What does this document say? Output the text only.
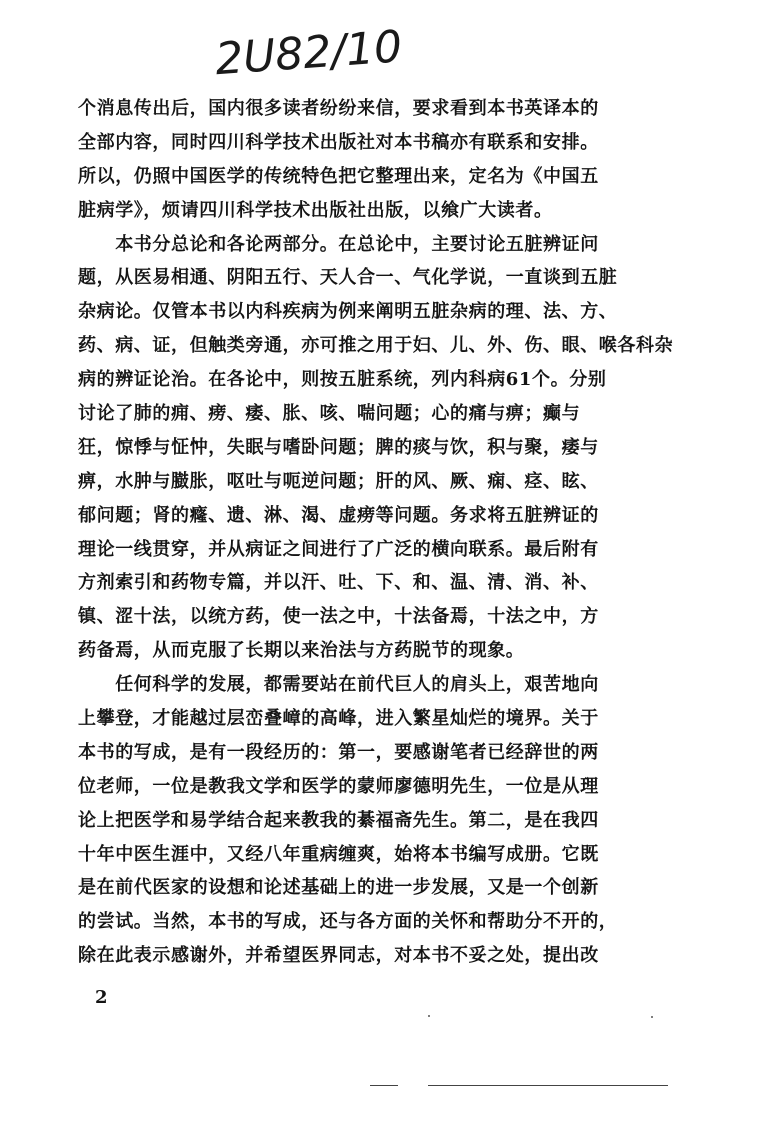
2U82/10
个消息传出后，国内很多读者纷纷来信，要求看到本书英译本的
全部内容，同时四川科学技术出版社对本书稿亦有联系和安排。
所以，仍照中国医学的传统特色把它整理出来，定名为《中国五
脏病学》，烦请四川科学技术出版社出版，以飨广大读者。
　　本书分总论和各论两部分。在总论中，主要讨论五脏辨证问
题，从医易相通、阴阳五行、天人合一、气化学说，一直谈到五脏
杂病论。仅管本书以内科疾病为例来阐明五脏杂病的理、法、方、
药、病、证，但触类旁通，亦可推之用于妇、儿、外、伤、眼、喉各科杂
病的辨证论治。在各论中，则按五脏系统，列内科病61个。分别
讨论了肺的痈、痨、痿、胀、咳、喘问题；心的痛与痹；癫与
狂，惊悸与怔忡，失眠与嗜卧问题；脾的痰与饮，积与聚，痿与
痹，水肿与臌胀，呕吐与呃逆问题；肝的风、厥、痫、痉、眩、
郁问题；肾的癃、遗、淋、渴、虚痨等问题。务求将五脏辨证的
理论一线贯穿，并从病证之间进行了广泛的横向联系。最后附有
方剂索引和药物专篇，并以汗、吐、下、和、温、清、消、补、
镇、涩十法，以统方药，使一法之中，十法备焉，十法之中，方
药备焉，从而克服了长期以来治法与方药脱节的现象。
　　任何科学的发展，都需要站在前代巨人的肩头上，艰苦地向
上攀登，才能越过层峦叠嶂的高峰，进入繁星灿烂的境界。关于
本书的写成，是有一段经历的：第一，要感谢笔者已经辞世的两
位老师，一位是教我文学和医学的蒙师廖德明先生，一位是从理
论上把医学和易学结合起来教我的綦福斋先生。第二，是在我四
十年中医生涯中，又经八年重病缠爽，始将本书编写成册。它既
是在前代医家的设想和论述基础上的进一步发展，又是一个创新
的尝试。当然，本书的写成，还与各方面的关怀和帮助分不开的，
除在此表示感谢外，并希望医界同志，对本书不妥之处，提出改
2
